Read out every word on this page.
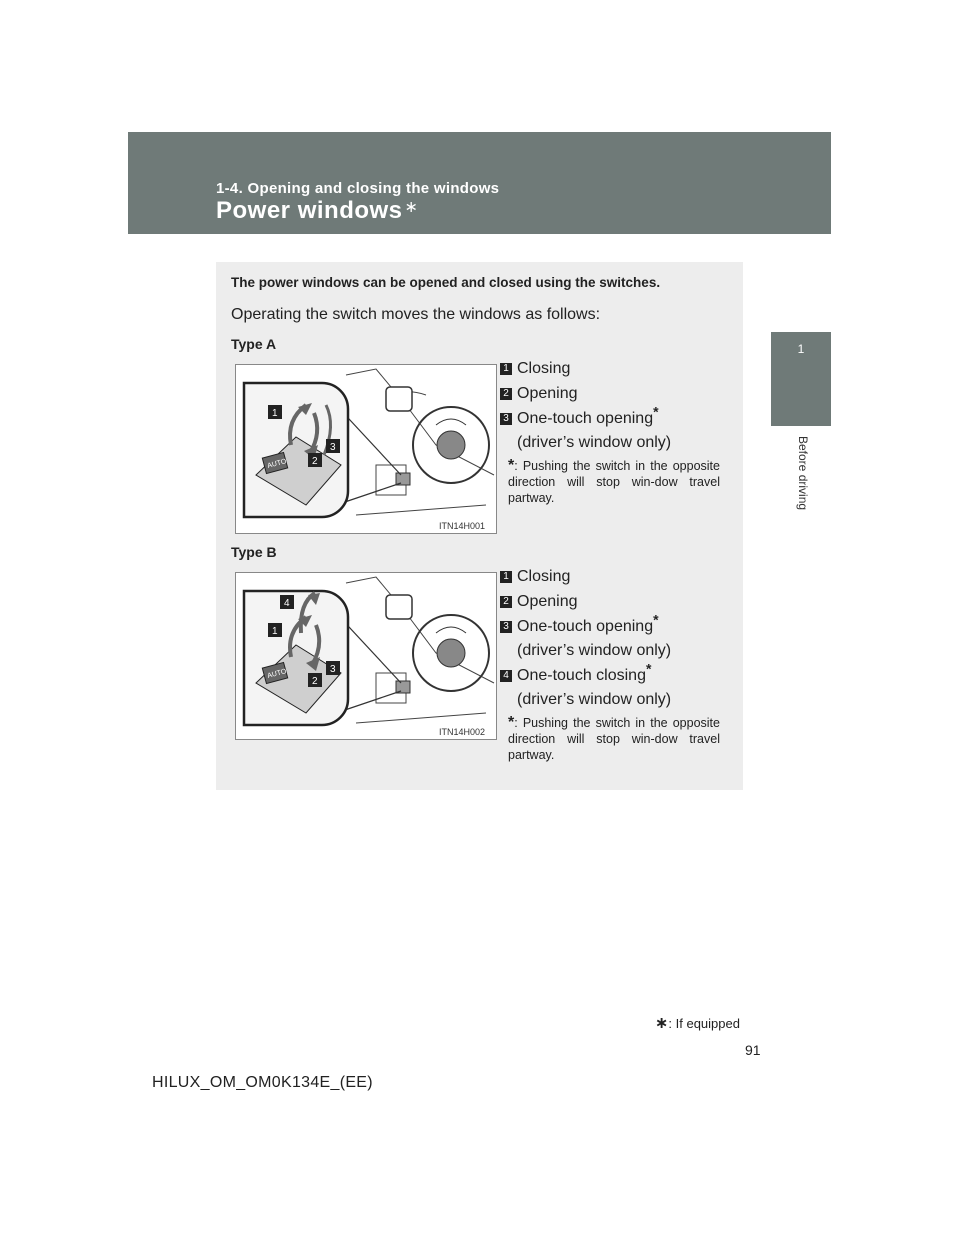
1-4. Opening and closing the windows
Power windows ∗
1
Before driving
The power windows can be opened and closed using the switches.
Operating the switch moves the windows as follows:
Type A
AUTO
1
3
2
ITN14H001
1 Closing
2 Opening
3 One-touch opening*
(driver’s window only)
*: Pushing the switch in the opposite direction will stop win-dow travel partway.
Type B
AUTO
4
1
3
2
ITN14H002
1 Closing
2 Opening
3 One-touch opening*
(driver’s window only)
4 One-touch closing*
(driver’s window only)
*: Pushing the switch in the opposite direction will stop win-dow travel partway.
∗: If equipped
91
HILUX_OM_OM0K134E_(EE)
